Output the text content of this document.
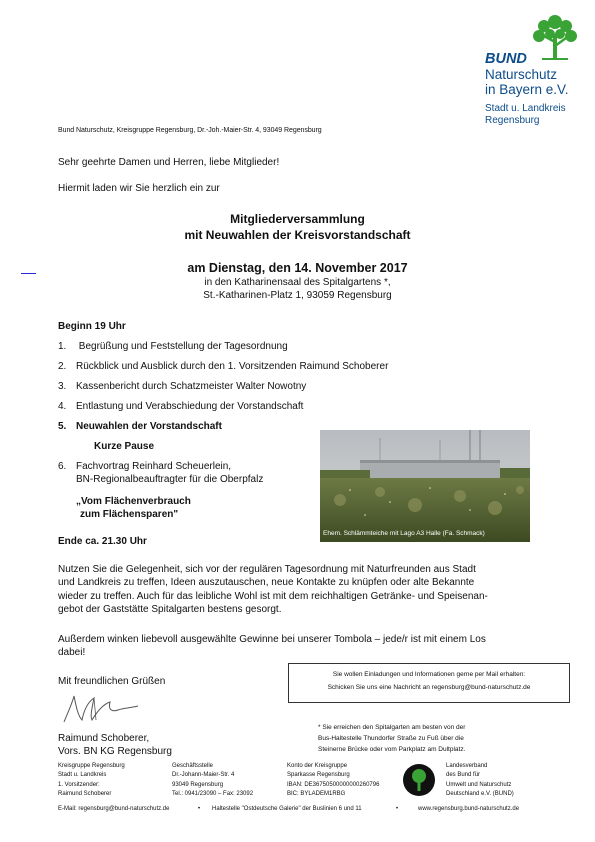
BUND
Naturschutz
in Bayern e.V.
Stadt u. Landkreis
Regensburg
Bund Naturschutz, Kreisgruppe Regensburg, Dr.-Joh.-Maier-Str. 4, 93049 Regensburg
Sehr geehrte Damen und Herren, liebe Mitglieder!
Hiermit laden wir Sie herzlich ein zur
Mitgliederversammlung
mit Neuwahlen der Kreisvorstandschaft
am Dienstag, den 14. November 2017
in den Katharinensaal des Spitalgartens *,
St.-Katharinen-Platz 1, 93059 Regensburg
Beginn 19 Uhr
1. Begrüßung und Feststellung der Tagesordnung
2. Rückblick und Ausblick durch den 1. Vorsitzenden Raimund Schoberer
3. Kassenbericht durch Schatzmeister Walter Nowotny
4. Entlastung und Verabschiedung der Vorstandschaft
5. Neuwahlen der Vorstandschaft
Kurze Pause
6. Fachvortrag Reinhard Scheuerlein,
BN-Regionalbeauftragter für die Oberpfalz
„Vom Flächenverbrauch
zum Flächensparen"
Ende ca. 21.30 Uhr
Ehem. Schlämmteiche mit Lago A3 Halle (Fa. Schmack)
Nutzen Sie die Gelegenheit, sich vor der regulären Tagesordnung mit Naturfreunden aus Stadt
und Landkreis zu treffen, Ideen auszutauschen, neue Kontakte zu knüpfen oder alte Bekannte
wieder zu treffen. Auch für das leibliche Wohl ist mit dem reichhaltigen Getränke- und Speisenan-
gebot der Gaststätte Spitalgarten bestens gesorgt.
Außerdem winken liebevoll ausgewählte Gewinne bei unserer Tombola – jede/r ist mit einem Los
dabei!
Mit freundlichen Grüßen
Raimund Schoberer,
Vors. BN KG Regensburg
Sie wollen Einladungen und Informationen gerne per Mail erhalten:
Schicken Sie uns eine Nachricht an regensburg@bund-naturschutz.de
* Sie erreichen den Spitalgarten am besten von der
Bus-Haltestelle Thundorfer Straße zu Fuß über die
Steinerne Brücke oder vom Parkplatz am Dultplatz.
Kreisgruppe Regensburg
Stadt u. Landkreis
1. Vorsitzender:
Raimund Schoberer
Geschäftsstelle
Dr.-Johann-Maier-Str. 4
93049 Regensburg
Tel.: 0941/23090 – Fax: 23092
Konto der Kreisgruppe
Sparkasse Regensburg
IBAN: DE36750500000000260796
BIC: BYLADEM1RBG
Landesverband
des Bund für
Umwelt und Naturschutz
Deutschland e.V. (BUND)
E-Mail: regensburg@bund-naturschutz.de	• Haltestelle "Ostdeutsche Galerie" der Buslinien 6 und 11	•	www.regensburg.bund-naturschutz.de
